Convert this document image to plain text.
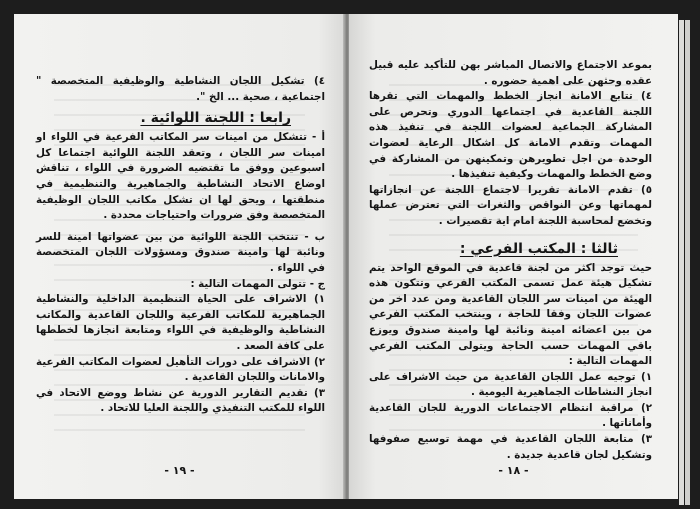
٤) تشكيل اللجان النشاطية والوظيفية المتخصصة " اجتماعية ، صحية ... الخ ".

رابعا : اللجنة اللوائية .

أ - تتشكل من امينات سر المكاتب الفرعية في اللواء او امينات سر اللجان ، وتعقد اللجنة اللوائية اجتماعا كل اسبوعين ووفق ما تقتضيه الضرورة في اللواء ، تناقش اوضاع الاتحاد النشاطية والجماهيرية والتنظيمية في منطقتها ، ويحق لها ان تشكل مكاتب اللجان الوظيفية المتخصصة وفق ضرورات واحتياجات محددة .

ب - تنتخب اللجنة اللوائية من بين عضواتها امينة للسر ونائبة لها وامينة صندوق ومسؤولات اللجان المتخصصة في اللواء .

ج - تتولى المهمات التالية :

١) الاشراف على الحياة التنظيمية الداخلية والنشاطية الجماهيرية للمكاتب الفرعية واللجان القاعدية والمكاتب النشاطية والوظيفية في اللواء ومتابعة انجازها لخططها على كافة الصعد .

٢) الاشراف على دورات التأهيل لعضوات المكاتب الفرعية والامانات واللجان القاعدية .

٣) تقديم التقارير الدورية عن نشاط ووضع الاتحاد في اللواء للمكتب التنفيذي واللجنة العليا للاتحاد .

- ١٩ -

بموعد الاجتماع والاتصال المباشر بهن للتأكيد عليه قبيل عقده وحثهن على اهمية حضوره .

٤) تتابع الامانة انجاز الخطط والمهمات التي تقرها اللجنة القاعدية في اجتماعها الدوري وتحرص على المشاركة الجماعية لعضوات اللجنة في تنفيذ هذه المهمات وتقدم الامانة كل اشكال الرعاية لعضوات الوحدة من اجل تطويرهن وتمكينهن من المشاركة في وضع الخطط والمهمات وكيفية تنفيذها .

٥) تقدم الامانة تقريرا لاجتماع اللجنة عن انجازاتها لمهماتها وعن النواقص والثغرات التي تعترض عملها وتخضع لمحاسبة اللجنة امام اية تقصيرات .

ثالثا : المكتب الفرعي :

حيث توجد اكثر من لجنة قاعدية في الموقع الواحد يتم تشكيل هيئة عمل تسمى المكتب الفرعي وتتكون هذه الهيئة من امينات سر اللجان القاعدية ومن عدد اخر من عضوات اللجان وفقا للحاجة ، وينتخب المكتب الفرعي من بين اعضائه امينة ونائبة لها وامينة صندوق ويوزع باقي المهمات حسب الحاجة ويتولى المكتب الفرعي المهمات التالية :

١) توجيه عمل اللجان القاعدية من حيث الاشراف على انجاز النشاطات الجماهيرية اليومية .

٢) مراقبة انتظام الاجتماعات الدورية للجان القاعدية وأماناتها .

٣) متابعة اللجان القاعدية في مهمة توسيع صفوفها وتشكيل لجان قاعدية جديدة .

- ١٨ -
